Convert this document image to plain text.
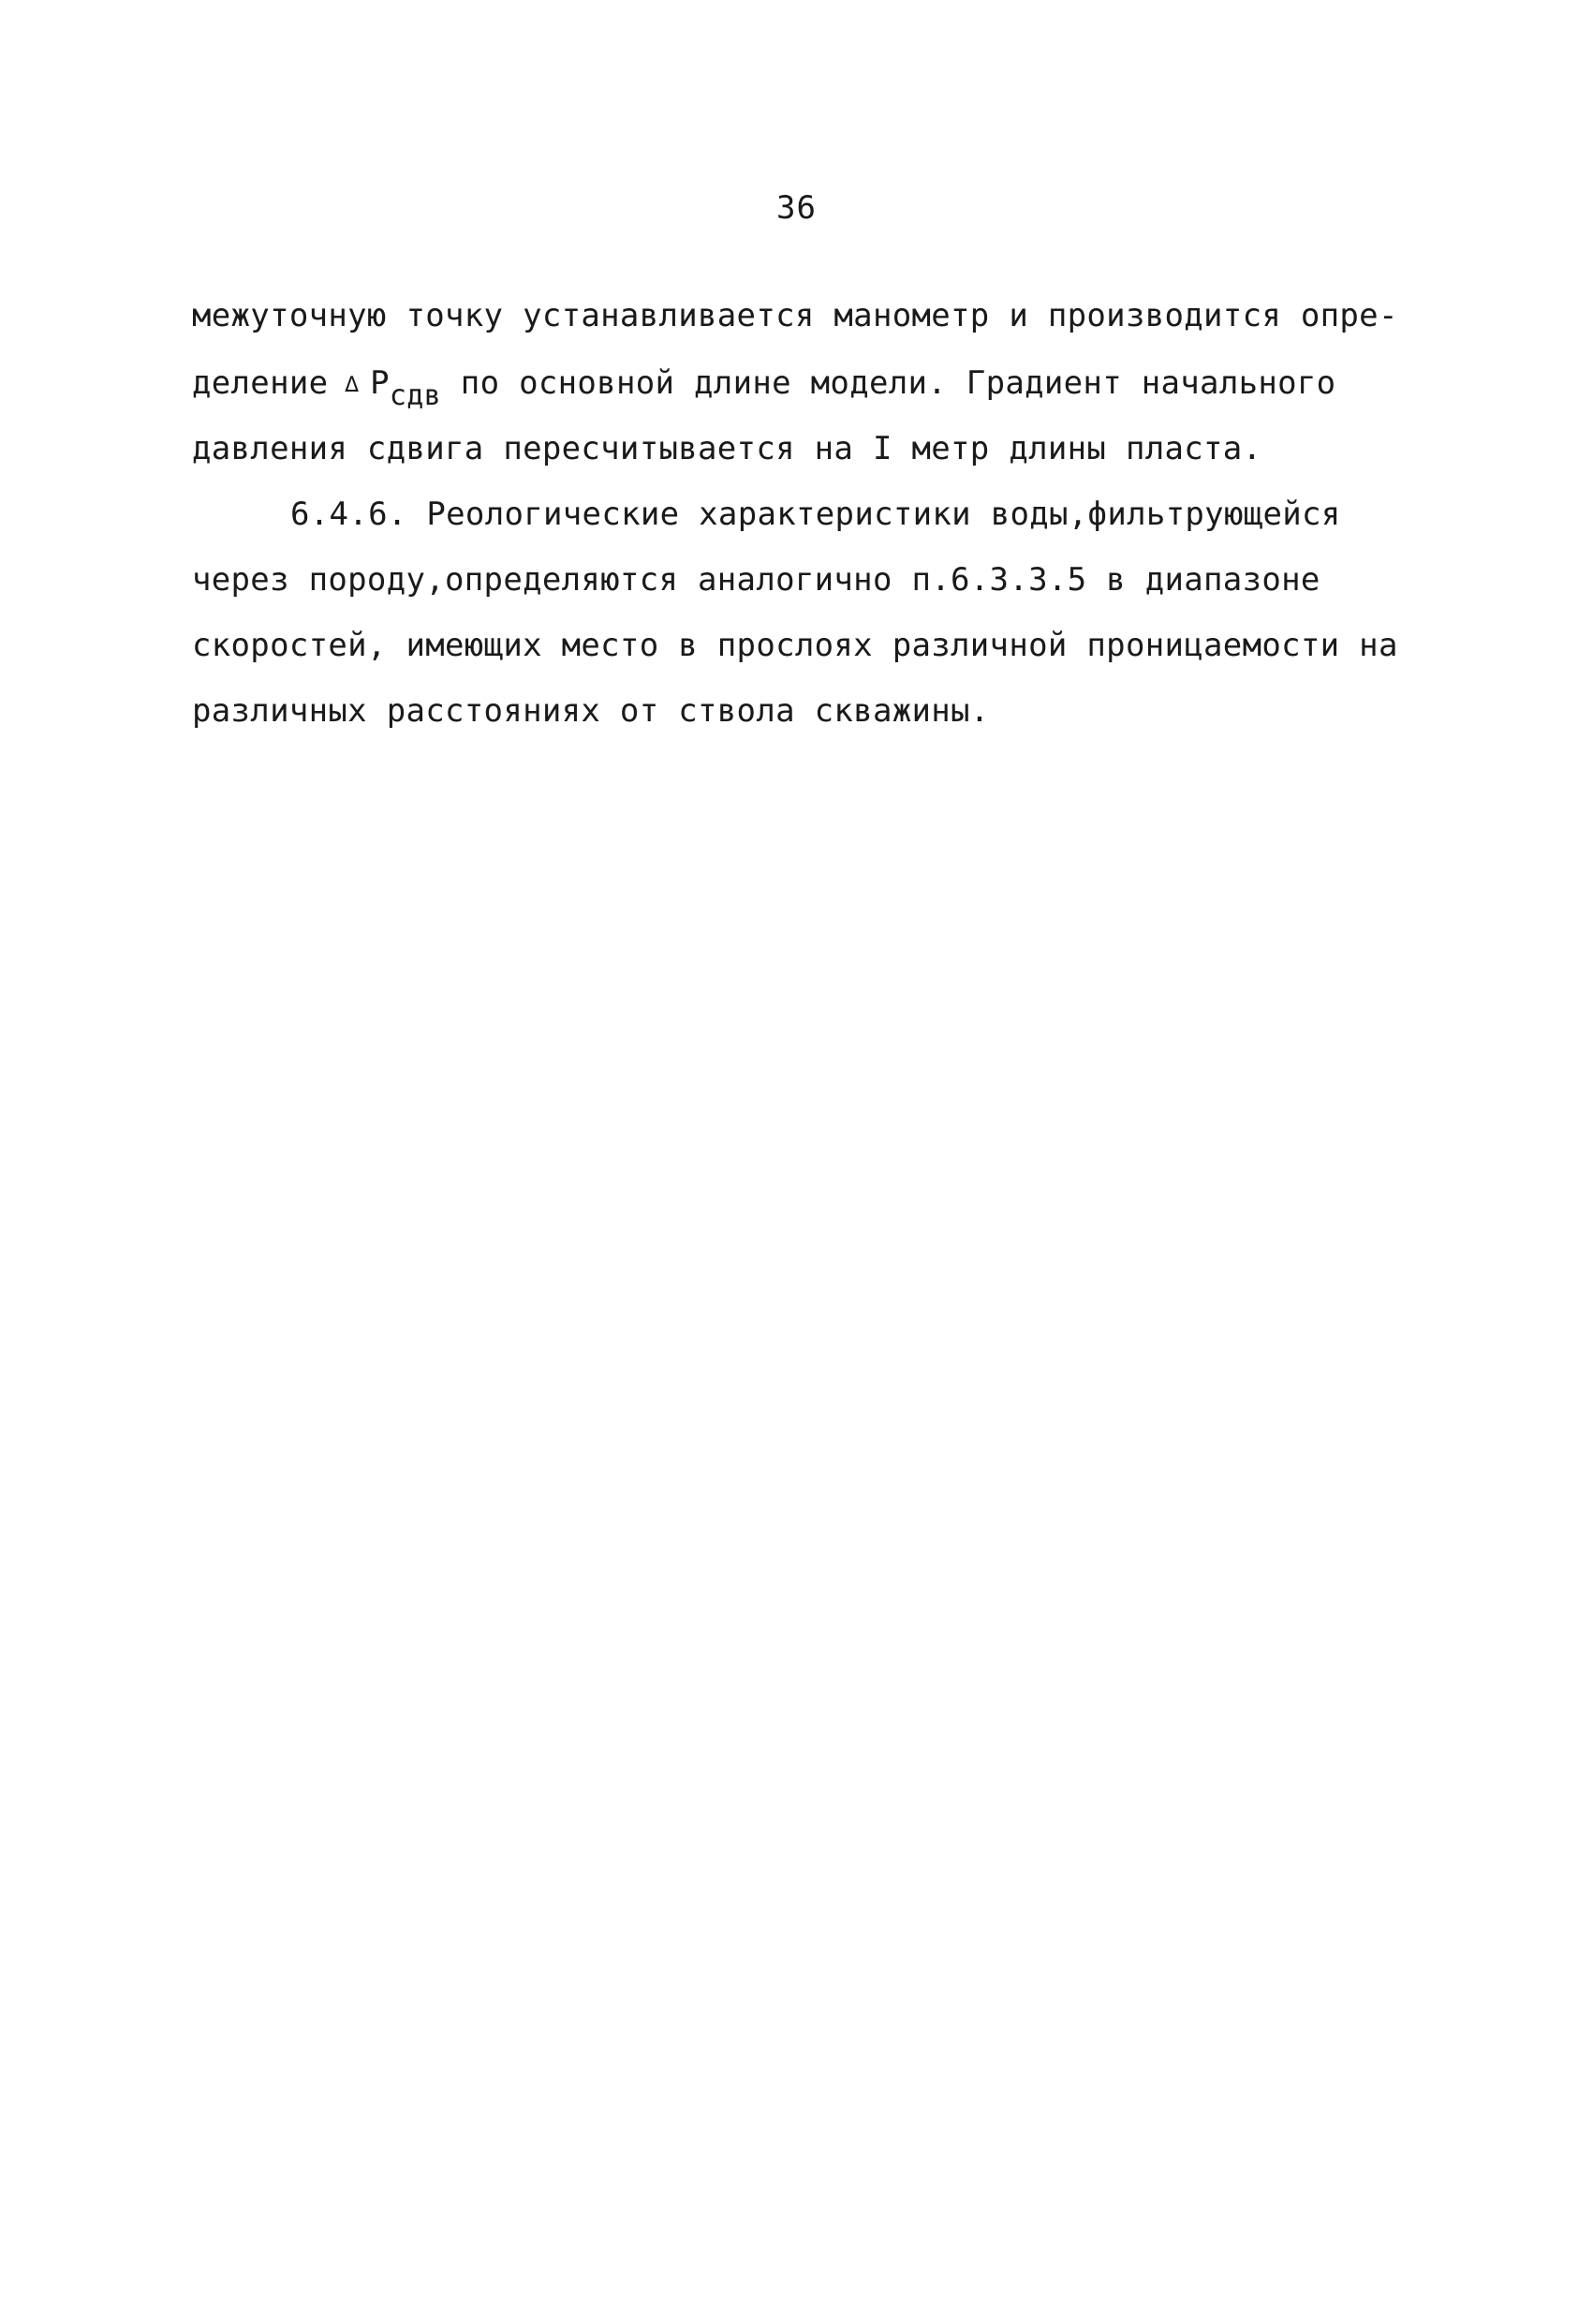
36
межуточную точку устанавливается манометр и производится опре-
деление ∆ Pсдв по основной длине модели. Градиент начального
давления сдвига пересчитывается на I метр длины пласта.
6.4.6. Реологические характеристики воды,фильтрующейся
через породу,определяются аналогично п.6.3.3.5 в диапазоне
скоростей, имеющих место в прослоях различной проницаемости на
различных расстояниях от ствола скважины.
